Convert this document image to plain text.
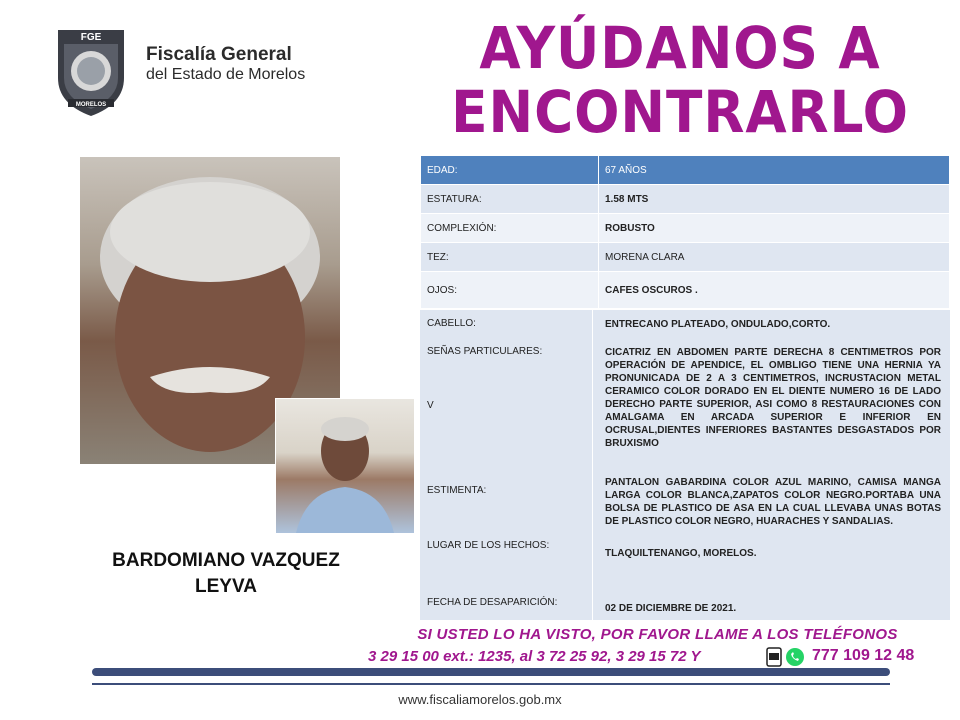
FGE
MORELOS
Fiscalía General
del Estado de Morelos	AYÚDANOS A
ENCONTRARLO
BARDOMIANO VAZQUEZ
LEYVA
EDAD:	67 AÑOS
ESTATURA:	1.58 MTS
COMPLEXIÓN:	ROBUSTO
TEZ:	MORENA CLARA
OJOS:	CAFES OSCUROS .
CABELLO:	ENTRECANO PLATEADO, ONDULADO,CORTO.
SEÑAS PARTICULARES:	CICATRIZ EN ABDOMEN PARTE DERECHA 8 CENTIMETROS POR OPERACIÓN DE APENDICE, EL OMBLIGO TIENE UNA HERNIA YA PRONUNICADA DE 2 A 3 CENTIMETROS, INCRUSTACION METAL CERAMICO COLOR DORADO EN EL DIENTE NUMERO 16 DE LADO DERECHO PARTE SUPERIOR, ASI COMO 8 RESTAURACIONES CON AMALGAMA EN ARCADA SUPERIOR E INFERIOR EN OCRUSAL,DIENTES INFERIORES BASTANTES DESGASTADOS POR BRUXISMO
V
ESTIMENTA:
PANTALON GABARDINA COLOR AZUL MARINO, CAMISA MANGA LARGA COLOR BLANCA,ZAPATOS COLOR NEGRO.PORTABA UNA BOLSA DE PLASTICO DE ASA EN LA CUAL LLEVABA UNAS BOTAS DE PLASTICO COLOR NEGRO, HUARACHES Y SANDALIAS.
LUGAR DE LOS HECHOS:
TLAQUILTENANGO, MORELOS.
FECHA DE DESAPARICIÓN:
02 DE DICIEMBRE DE 2021.
SI USTED LO HA VISTO, POR FAVOR LLAME A LOS TELÉFONOS
3 29 15 00 ext.: 1235, al 3 72 25 92, 3 29 15 72 Y	777 109 12 48
www.fiscaliamorelos.gob.mx
